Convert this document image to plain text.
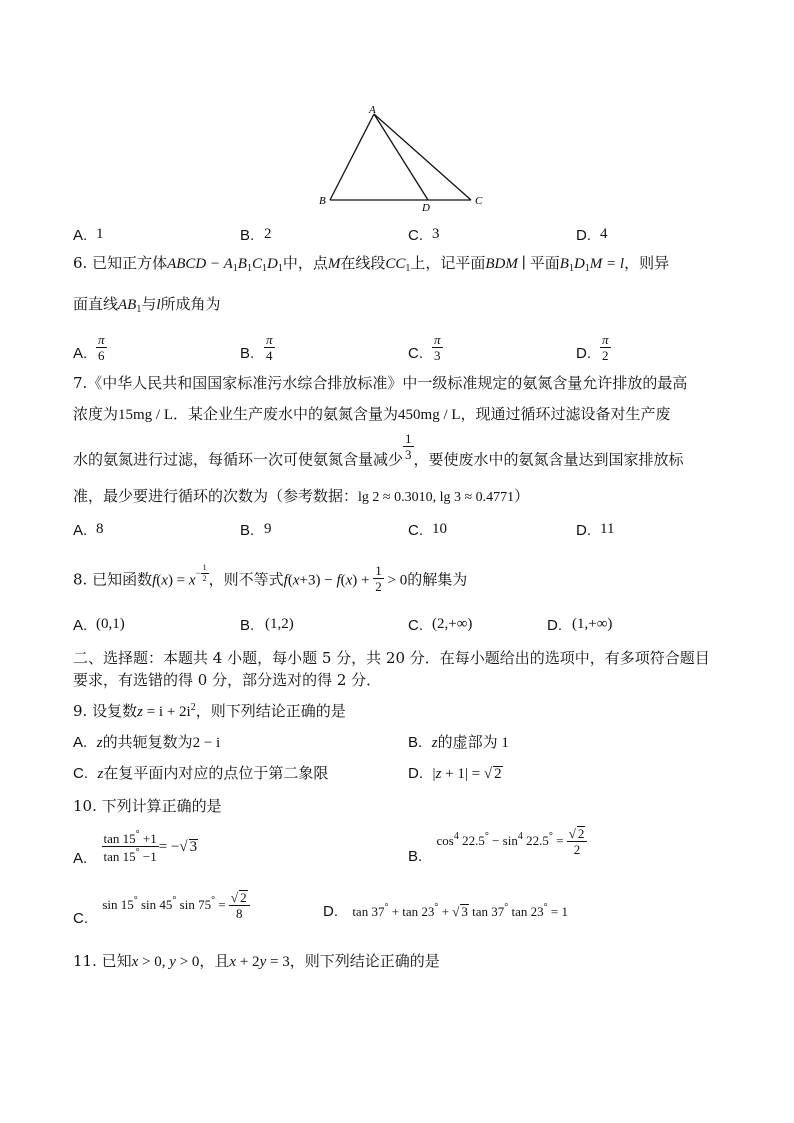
A
B
D
C
A. 1	B. 2	C. 3	D. 4
6. 已知正方体ABCD − $A_1B_1C_1D_1$中，点M在线段$CC_1$上，记平面BDM ∣ 平面$B_1D_1M = l$，则异
面直线$AB_1$与l所成角为
A. $\frac{\pi}{6}$	B. $\frac{\pi}{4}$	C. $\frac{\pi}{3}$	D. $\frac{\pi}{2}$
7.《中华人民共和国国家标准污水综合排放标准》中一级标准规定的氨氮含量允许排放的最高
浓度为15mg / L．某企业生产废水中的氨氮含量为450mg / L，现通过循环过滤设备对生产废
水的氨氮进行过滤，每循环一次可使氨氮含量减少 $\frac{1}{3}$ ，要使废水中的氨氮含量达到国家排放标
准，最少要进行循环的次数为（参考数据：lg 2 ≈ 0.3010, lg 3 ≈ 0.4771）
A. 8	B. 9	C. 10	D. 11
8. 已知函数$f(x) = x^{- \frac{1}{2}}$ ，则不等式$f(x+3) - f(x) + \frac{1}{2} > 0$的解集为
A. (0,1)	B. (1,2)	C. (2,+∞)	D. (1,+∞)
二、选择题：本题共 4 小题，每小题 5 分，共 20 分．在每小题给出的选项中，有多项符合题目
要求，有选错的得 0 分，部分选对的得 2 分．
9. 设复数$z = i + 2i^2$，则下列结论正确的是
A. z的共轭复数为2 − i	B. z的虚部为 1
C. z在复平面内对应的点位于第二象限	D. |z + 1| = √ 2
10. 下列计算正确的是
A. $\frac{\tan 15^\circ +1}{\tan 15^\circ -1}$ = −√ 3
B.   $\cos^4 22.5^\circ - \sin^4 22.5^\circ = \frac{√ 2}{2}$
C.   sin 15° sin 45° $\sin 75^\circ = \frac{√ 2}{8}$	D. tan 37° + tan 23° + √ 3 tan 37° tan 23° = 1
11. 已知x > 0, y > 0，且x + 2y = 3，则下列结论正确的是
